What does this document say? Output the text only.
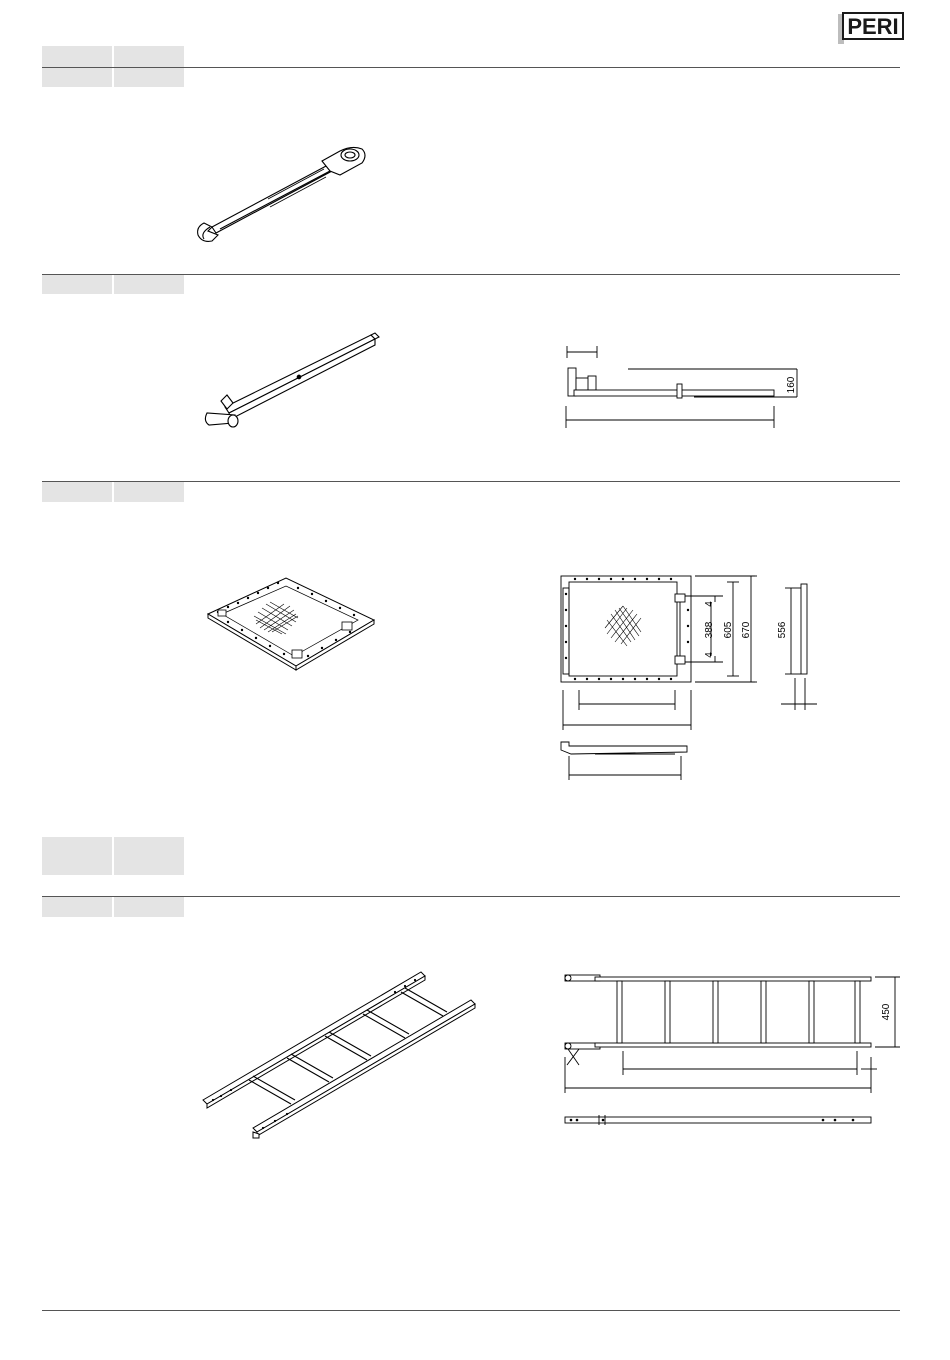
PERI
160
4
388
4
605 670	556
450
